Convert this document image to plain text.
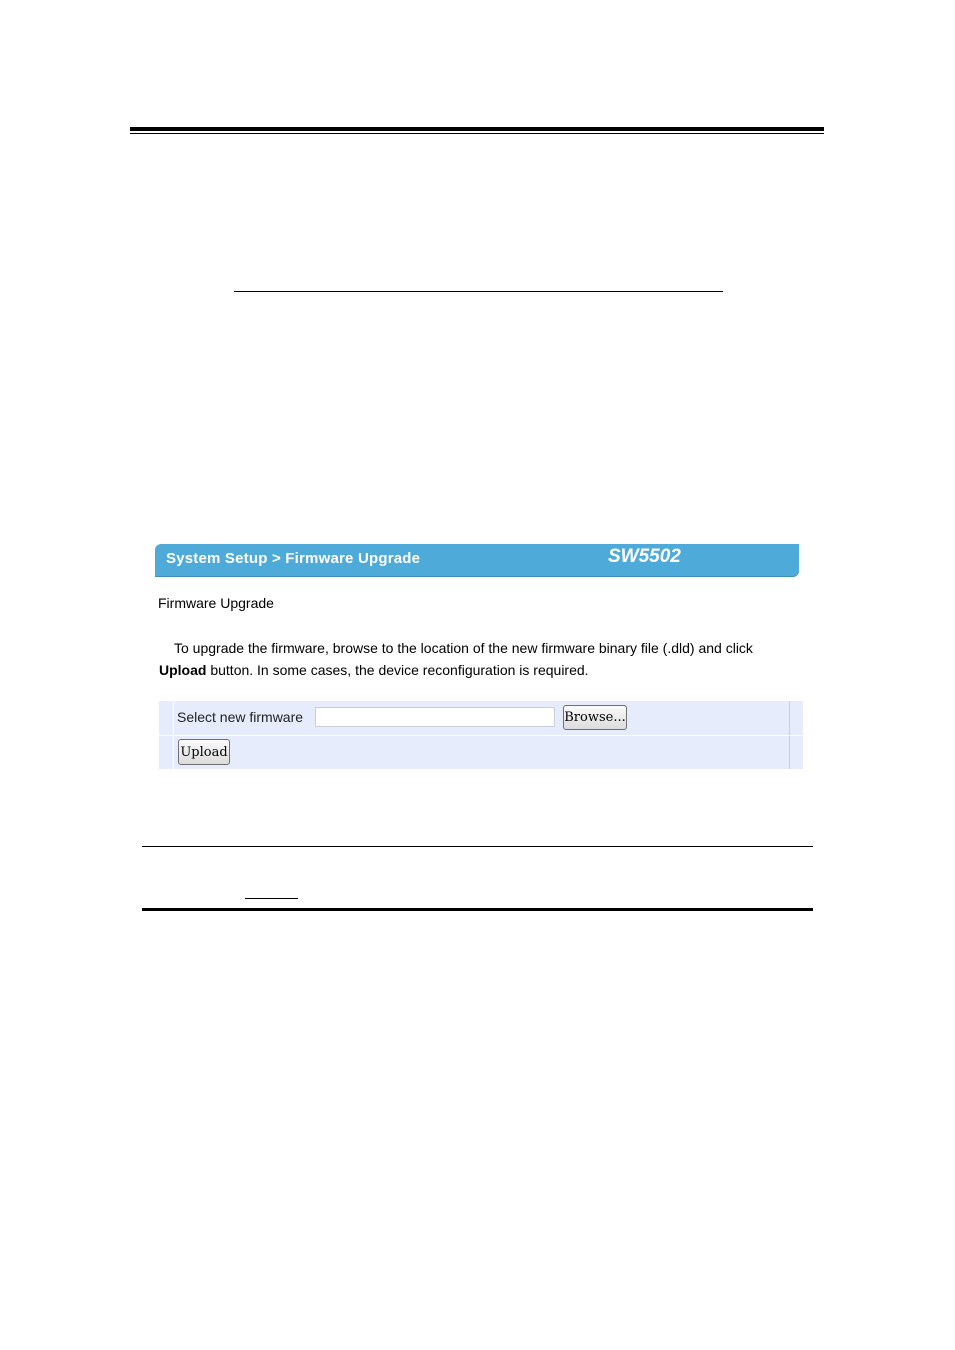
System Setup > Firmware Upgrade	SW5502
Firmware Upgrade
To upgrade the firmware, browse to the location of the new firmware binary file (.dld) and click
Upload button. In some cases, the device reconfiguration is required.
Select new firmware	Browse...
Upload
